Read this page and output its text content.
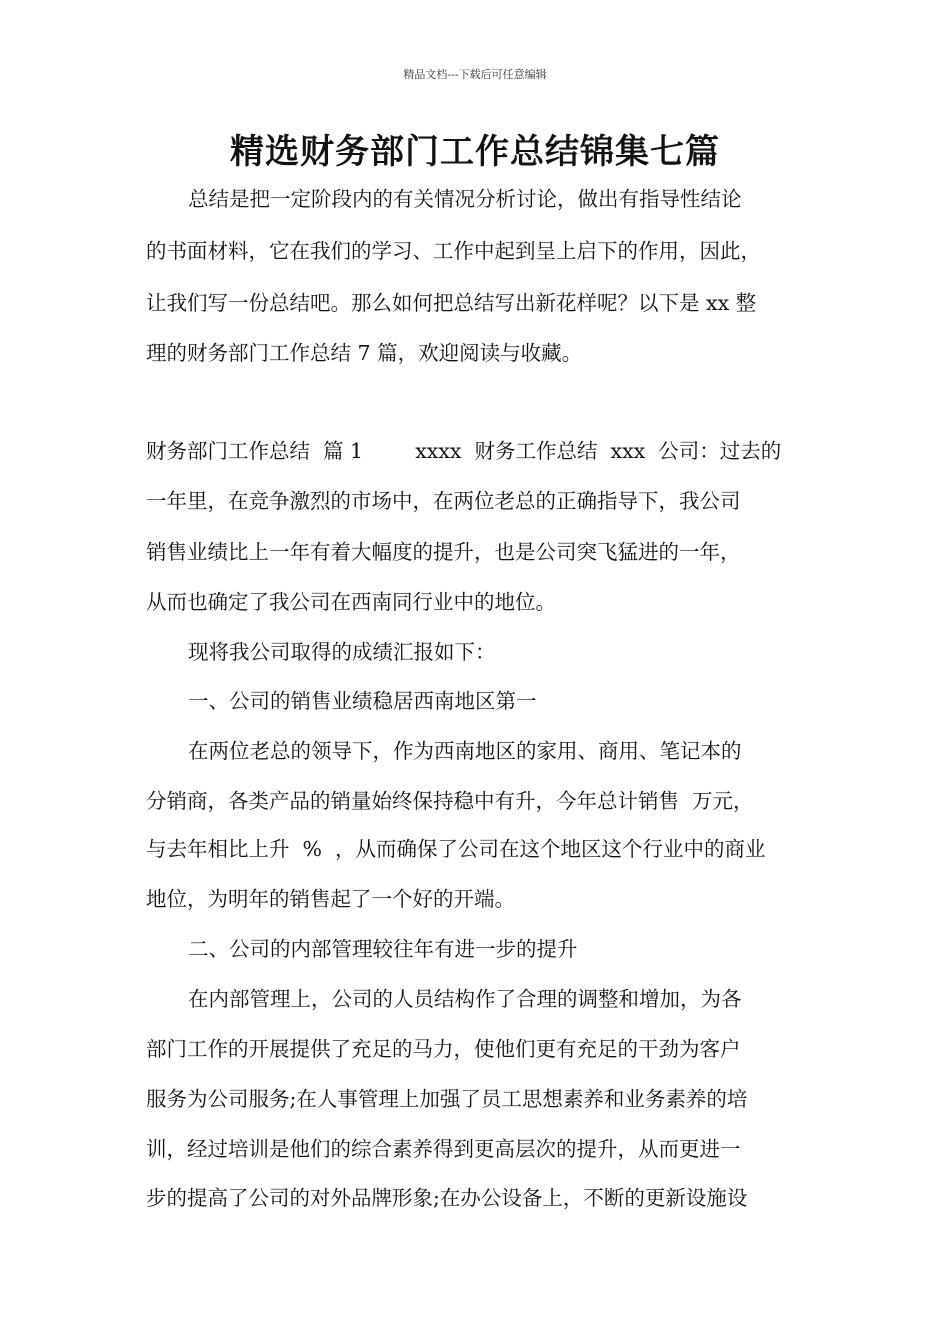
精品文档---下载后可任意编辑
精选财务部门工作总结锦集七篇
总结是把一定阶段内的有关情况分析讨论，做出有指导性结论
的书面材料，它在我们的学习、工作中起到呈上启下的作用，因此，
让我们写一份总结吧。那么如何把总结写出新花样呢？以下是 xx 整
理的财务部门工作总结 7 篇，欢迎阅读与收藏。
财务部门工作总结  篇 1        xxxx  财务工作总结  xxx  公司：过去的
一年里，在竞争激烈的市场中，在两位老总的正确指导下，我公司
销售业绩比上一年有着大幅度的提升，也是公司突飞猛进的一年，
从而也确定了我公司在西南同行业中的地位。
现将我公司取得的成绩汇报如下：
一、公司的销售业绩稳居西南地区第一
在两位老总的领导下，作为西南地区的家用、商用、笔记本的
分销商，各类产品的销量始终保持稳中有升，今年总计销售  万元，
与去年相比上升  %  ，从而确保了公司在这个地区这个行业中的商业
地位，为明年的销售起了一个好的开端。
二、公司的内部管理较往年有进一步的提升
在内部管理上，公司的人员结构作了合理的调整和增加，为各
部门工作的开展提供了充足的马力，使他们更有充足的干劲为客户
服务为公司服务;在人事管理上加强了员工思想素养和业务素养的培
训，经过培训是他们的综合素养得到更高层次的提升，从而更进一
步的提高了公司的对外品牌形象;在办公设备上，不断的更新设施设
